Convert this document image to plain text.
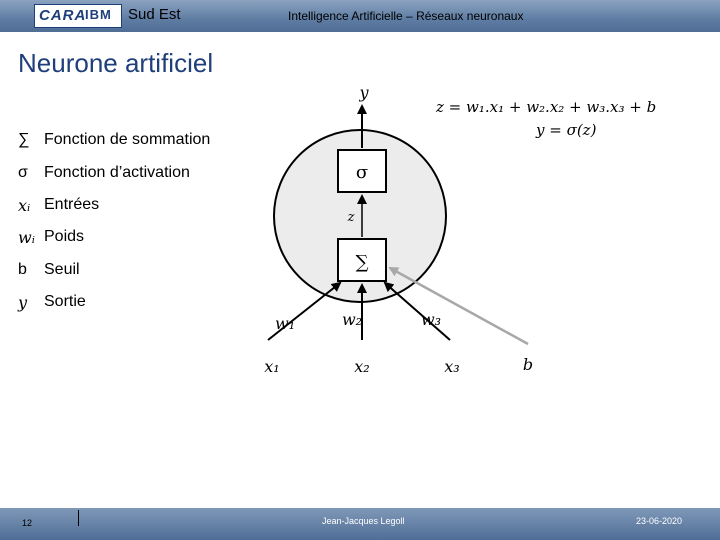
CARA
IBM Sud Est	Intelligence Artificielle – Réseaux neuronaux
Neurone artificiel
∑ Fonction de sommation
σ	Fonction d’activation
xᵢ Entrées
wᵢ Poids
b	Seuil
y	Sortie
z = w₁.x₁ + w₂.x₂ + w₃.x₃ + b
y = σ(z)
y
σ
z
∑
w₁	w₂	w₃
x₁	x₂	x₃	b
12	Jean-Jacques Legoll	23-06-2020
